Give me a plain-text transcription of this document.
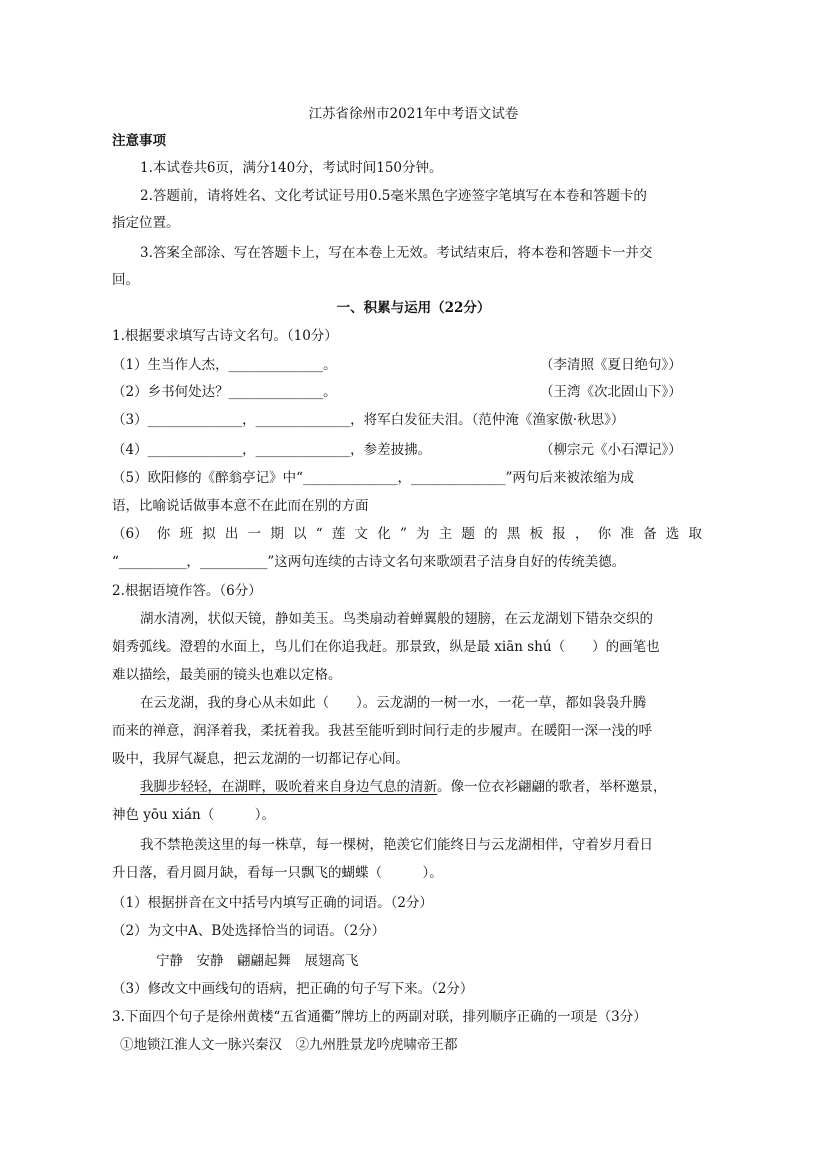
江苏省徐州市2021年中考语文试卷
注意事项
1.本试卷共6页，满分140分，考试时间150分钟。
2.答题前，请将姓名、文化考试证号用0.5毫米黑色字迹签字笔填写在本卷和答题卡的
指定位置。
3.答案全部涂、写在答题卡上，写在本卷上无效。考试结束后，将本卷和答题卡一并交
回。
一、积累与运用（22分）
1.根据要求填写古诗文名句。（10分）
（1）生当作人杰，______________。	（李清照《夏日绝句》）
（2）乡书何处达？______________。	（王湾《次北固山下》）
（3）______________，______________，将军白发征夫泪。（范仲淹《渔家傲·秋思》）
（4）______________，______________，参差披拂。	（柳宗元《小石潭记》）
（5）欧阳修的《醉翁亭记》中“______________，______________”两句后来被浓缩为成
语，比喻说话做事本意不在此而在别的方面
（6） 你 班 拟 出 一 期 以 “ 莲 文 化 ” 为 主 题 的 黑 板 报 ， 你 准 备 选 取
“__________，__________”这两句连续的古诗文名句来歌颂君子洁身自好的传统美德。
2.根据语境作答。（6分）
湖水清冽，状似天镜，静如美玉。鸟类扇动着蝉翼般的翅膀，在云龙湖划下错杂交织的
娟秀弧线。澄碧的水面上，鸟儿们在你追我赶。那景致，纵是最 xiān shú（　　）的画笔也
难以描绘，最美丽的镜头也难以定格。
在云龙湖，我的身心从未如此（　　）。云龙湖的一树一水，一花一草，都如袅袅升腾
而来的禅意，润泽着我，柔抚着我。我甚至能听到时间行走的步履声。在暖阳一深一浅的呼
吸中，我屏气凝息，把云龙湖的一切都记存心间。
我脚步轻轻，在湖畔，吸吮着来自身边气息的清新。像一位衣衫翩翩的歌者，举杯邀景，
神色 yōu xián（　　　）。
我不禁艳羡这里的每一株草，每一棵树，艳羡它们能终日与云龙湖相伴，守着岁月看日
升日落，看月圆月缺，看每一只飘飞的蝴蝶（　　　）。
（1）根据拼音在文中括号内填写正确的词语。（2分）
（2）为文中A、B处选择恰当的词语。（2分）
宁静　安静　翩翩起舞　展翅高飞
（3）修改文中画线句的语病，把正确的句子写下来。（2分）
3.下面四个句子是徐州黄楼“五省通衢”牌坊上的两副对联，排列顺序正确的一项是（3分）
①地锁江淮人文一脉兴秦汉　②九州胜景龙吟虎啸帝王都
